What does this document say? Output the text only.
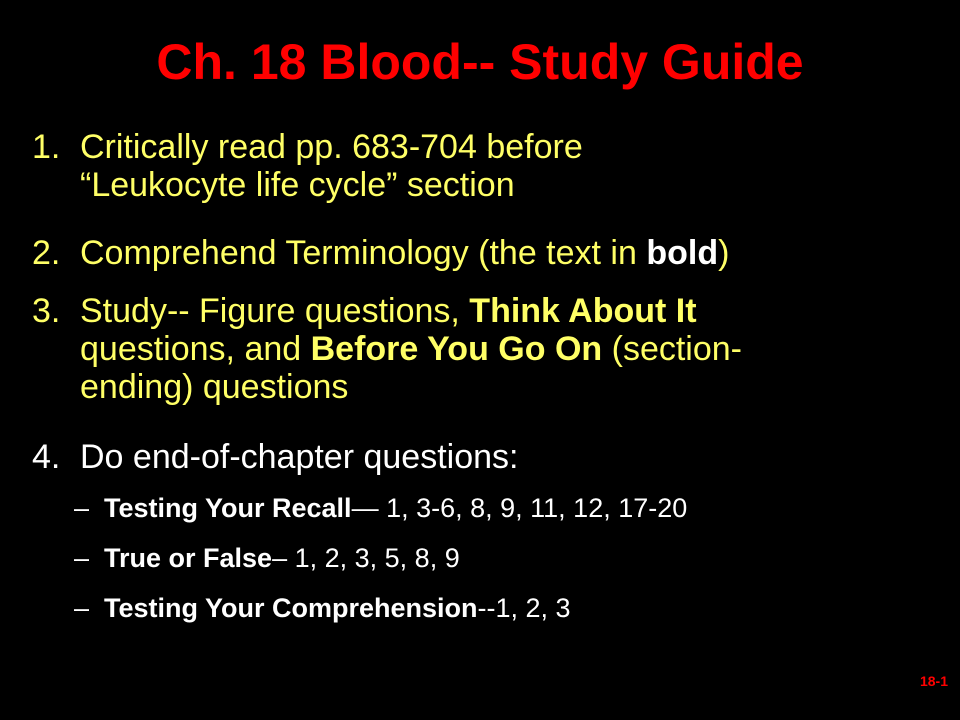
Ch. 18 Blood-- Study Guide
1. Critically read pp. 683-704 before
“Leukocyte life cycle” section
2. Comprehend Terminology (the text in bold)
3. Study-- Figure questions, Think About It
questions, and Before You Go On (section-
ending) questions
4. Do end-of-chapter questions:
– Testing Your Recall— 1, 3-6, 8, 9, 11, 12, 17-20
– True or False– 1, 2, 3, 5, 8, 9
– Testing Your Comprehension--1, 2, 3
18-1
